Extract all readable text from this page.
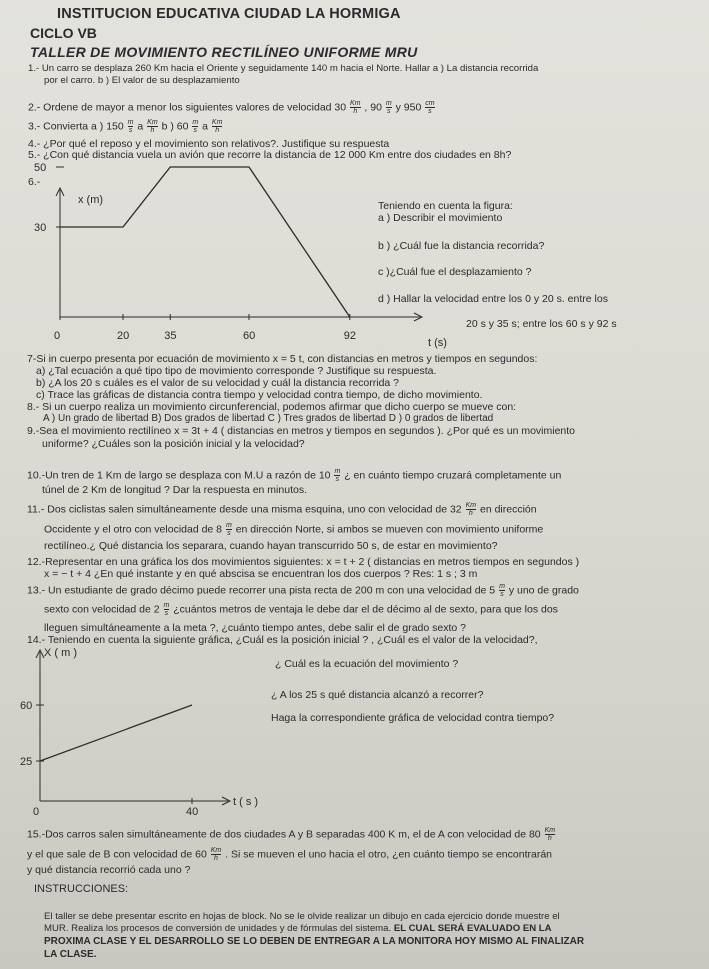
INSTITUCION EDUCATIVA CIUDAD LA HORMIGA
CICLO VB
TALLER DE MOVIMIENTO RECTILÍNEO UNIFORME MRU
1.- Un carro se desplaza 260 Km hacia el Oriente y seguidamente 140 m hacia el Norte. Hallar a ) La distancia recorrida
por el carro. b ) El valor de su desplazamiento
2.- Ordene de mayor a menor los siguientes valores de velocidad $30 \frac{Km}{h}$ , $90 \frac{m}{s}$ y $950 \frac{cm}{s}$
3.- Convierta a ) $150 \frac{m}{s}$ a $\frac{Km}{h}$ b ) $60 \frac{m}{s}$ a $\frac{Km}{h}$
4.- ¿Por qué el reposo y el movimiento son relativos?. Justifique su respuesta
5.- ¿Con qué distancia vuela un avión que recorre la distancia de 12 000 Km entre dos ciudades en 8h?
6.-
x (m)
t (s)
50
30
0	20	35	60	92
Teniendo en cuenta la figura:
a ) Describir el movimiento
b ) ¿Cuál fue la distancia recorrida?
c )¿Cuál fue el desplazamiento ?
d ) Hallar la velocidad entre los 0 y 20 s. entre los
20 s y 35 s; entre los 60 s y 92 s
7-Si in cuerpo presenta por ecuación de movimiento x = 5 t, con distancias en metros y tiempos en segundos:
a) ¿Tal ecuación a qué tipo tipo de movimiento corresponde ? Justifique su respuesta.
b) ¿A los 20 s cuáles es el valor de su velocidad y cuál la distancia recorrida ?
c) Trace las gráficas de distancia contra tiempo y velocidad contra tiempo, de dicho movimiento.
8.- Si un cuerpo realiza un movimiento circunferencial, podemos afirmar que dicho cuerpo se mueve con:
A ) Un grado de libertad B) Dos grados de libertad C ) Tres grados de libertad D ) 0 grados de libertad
9.-Sea el movimiento rectilíneo x = 3t + 4 ( distancias en metros y tiempos en segundos ). ¿Por qué es un movimiento
uniforme? ¿Cuáles son la posición inicial y la velocidad?
10.-Un tren de 1 Km de largo se desplaza con M.U a razón de $10 \frac{m}{s}$ ¿ en cuánto tiempo cruzará completamente un
túnel de 2 Km de longitud ? Dar la respuesta en minutos.
11.- Dos ciclistas salen simultáneamente desde una misma esquina, uno con velocidad de $32 \frac{Km}{h}$ en dirección
Occidente y el otro con velocidad de $8 \frac{m}{s}$ en dirección Norte, si ambos se mueven con movimiento uniforme
rectilíneo.¿ Qué distancia los separara, cuando hayan transcurrido 50 s, de estar en movimiento?
12.-Representar en una gráfica los dos movimientos siguientes: x = t + 2 ( distancias en metros tiempos en segundos )
x = − t + 4 ¿En qué instante y en qué abscisa se encuentran los dos cuerpos ? Res: 1 s ; 3 m
13.- Un estudiante de grado décimo puede recorrer una pista recta de 200 m con una velocidad de $5 \frac{m}{s}$ y uno de grado
sexto con velocidad de $2 \frac{m}{s}$ ¿cuántos metros de ventaja le debe dar el de décimo al de sexto, para que los dos
lleguen simultáneamente a la meta ?, ¿cuánto tiempo antes, debe salir el de grado sexto ?
14.- Teniendo en cuenta la siguiente gráfica, ¿Cuál es la posición inicial ? , ¿Cuál es el valor de la velocidad?,
X ( m )
t ( s )
60
25
0	40
¿ Cuál es la ecuación del movimiento ?
¿ A los 25 s qué distancia alcanzó a recorrer?
Haga la correspondiente gráfica de velocidad contra tiempo?
15.-Dos carros salen simultáneamente de dos ciudades A y B separadas 400 K m, el de A con velocidad de $80 \frac{Km}{h}$
y el que sale de B con velocidad de $60 \frac{Km}{h}$ . Si se mueven el uno hacia el otro, ¿en cuánto tiempo se encontrarán
y qué distancia recorrió cada uno ?
INSTRUCCIONES:
El taller se debe presentar escrito en hojas de block. No se le olvide realizar un dibujo en cada ejercicio donde muestre el
MUR. Realiza los procesos de conversión de unidades y de fórmulas del sistema. EL CUAL SERÁ EVALUADO EN LA
PROXIMA CLASE Y EL DESARROLLO SE LO DEBEN DE ENTREGAR A LA MONITORA HOY MISMO AL FINALIZAR
LA CLASE.
